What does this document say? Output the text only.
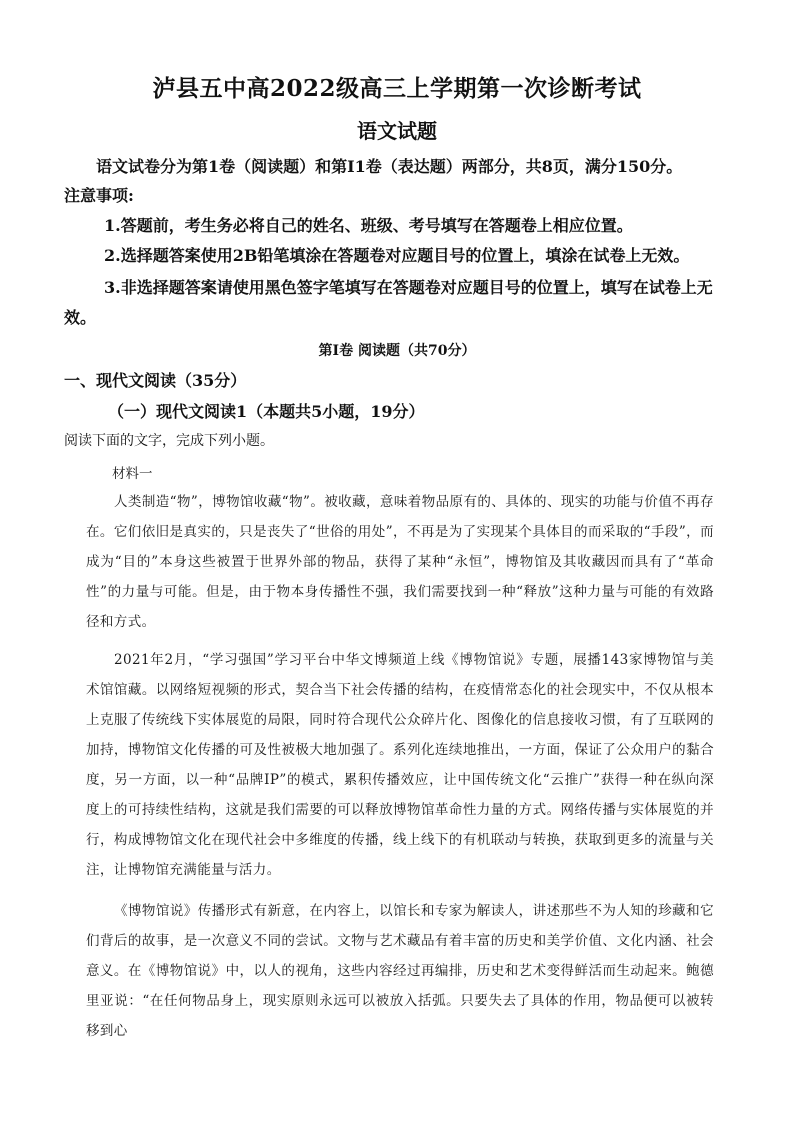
泸县五中高2022级高三上学期第一次诊断考试
语文试题
语文试卷分为第1卷（阅读题）和第I1卷（表达题）两部分，共8页，满分150分。
注意事项:
1.答题前，考生务必将自己的姓名、班级、考号填写在答题卷上相应位置。
2.选择题答案使用2B铅笔填涂在答题卷对应题目号的位置上，填涂在试卷上无效。
3.非选择题答案请使用黑色签字笔填写在答题卷对应题目号的位置上，填写在试卷上无
效。
第I卷 阅读题（共70分）
一、现代文阅读（35分）
（一）现代文阅读1（本题共5小题，19分）
阅读下面的文字，完成下列小题。
材料一

人类制造“物”，博物馆收藏“物”。被收藏，意味着物品原有的、具体的、现实的功能与价值不再存在。它们依旧是真实的，只是丧失了“世俗的用处”，不再是为了实现某个具体目的而采取的“手段”，而成为“目的”本身这些被置于世界外部的物品，获得了某种“永恒”，博物馆及其收藏因而具有了“革命性”的力量与可能。但是，由于物本身传播性不强，我们需要找到一种“释放”这种力量与可能的有效路径和方式。

2021年2月，“学习强国”学习平台中华文博频道上线《博物馆说》专题，展播143家博物馆与美术馆馆藏。以网络短视频的形式，契合当下社会传播的结构，在疫情常态化的社会现实中，不仅从根本上克服了传统线下实体展览的局限，同时符合现代公众碎片化、图像化的信息接收习惯，有了互联网的加持，博物馆文化传播的可及性被极大地加强了。系列化连续地推出，一方面，保证了公众用户的黏合度，另一方面，以一种“品牌IP”的模式，累积传播效应，让中国传统文化“云推广”获得一种在纵向深度上的可持续性结构，这就是我们需要的可以释放博物馆革命性力量的方式。网络传播与实体展览的并行，构成博物馆文化在现代社会中多维度的传播，线上线下的有机联动与转换，获取到更多的流量与关注，让博物馆充满能量与活力。

《博物馆说》传播形式有新意，在内容上，以馆长和专家为解读人，讲述那些不为人知的珍藏和它们背后的故事，是一次意义不同的尝试。文物与艺术藏品有着丰富的历史和美学价值、文化内涵、社会意义。在《博物馆说》中，以人的视角，这些内容经过再编排，历史和艺术变得鲜活而生动起来。鲍德里亚说：“在任何物品身上，现实原则永远可以被放入括弧。只要失去了具体的作用，物品便可以被转移到心
